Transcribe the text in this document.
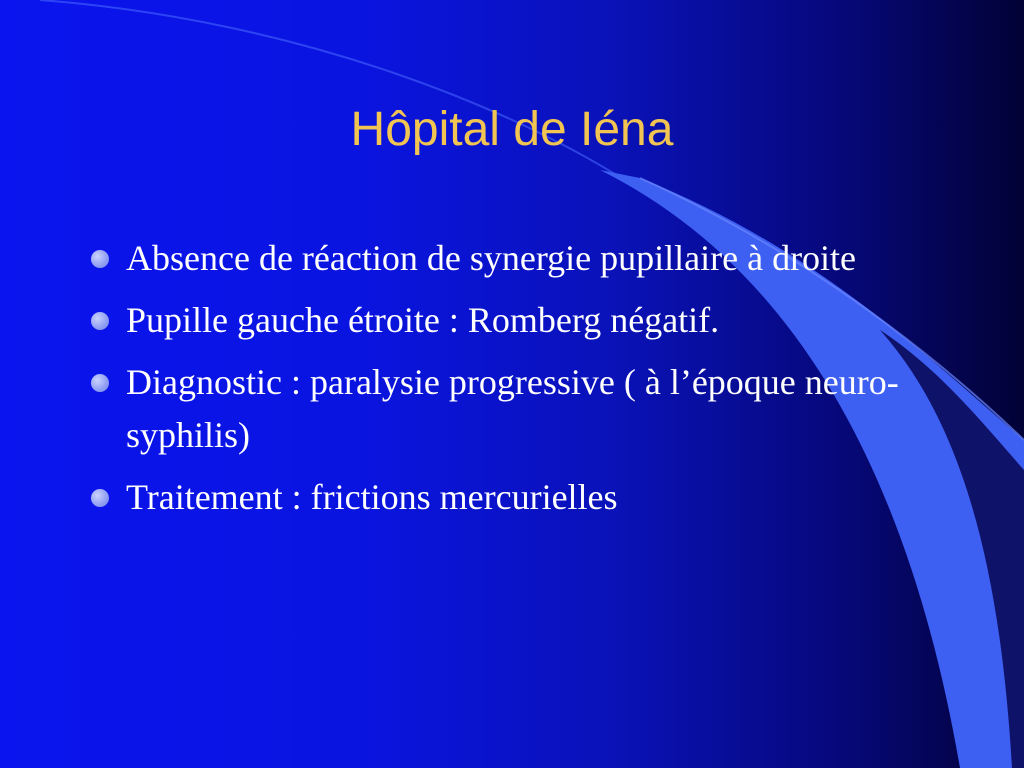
Hôpital de Iéna
Absence de réaction de synergie pupillaire à droite
Pupille gauche étroite : Romberg négatif.
Diagnostic : paralysie progressive ( à l’époque neuro-syphilis)
Traitement : frictions mercurielles
